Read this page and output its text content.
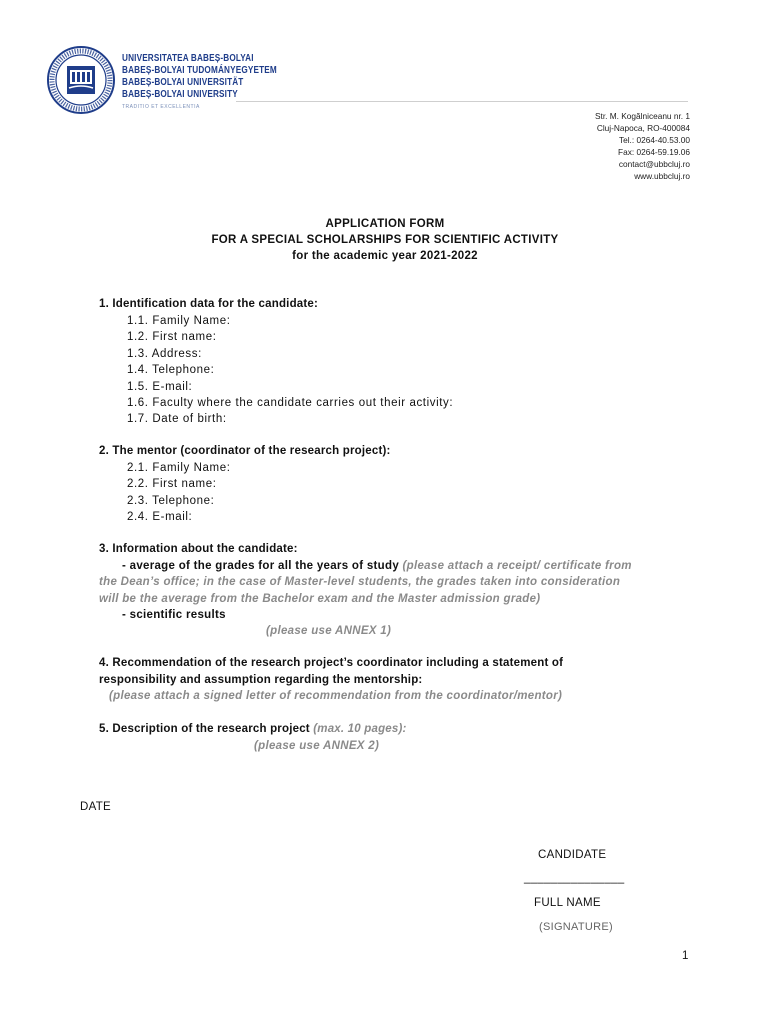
UNIVERSITATEA BABEȘ-BOLYAI
BABEȘ-BOLYAI TUDOMÁNYEGYETEM
BABEȘ-BOLYAI UNIVERSITÄT
BABEȘ-BOLYAI UNIVERSITY
TRADITIO ET EXCELLENTIA
Str. M. Kogălniceanu nr. 1
Cluj-Napoca, RO-400084
Tel.: 0264-40.53.00
Fax: 0264-59.19.06
contact@ubbcluj.ro
www.ubbcluj.ro
APPLICATION FORM
FOR A SPECIAL SCHOLARSHIPS FOR SCIENTIFIC ACTIVITY
for the academic year 2021-2022
1. Identification data for the candidate:
1.1. Family Name:
1.2. First name:
1.3. Address:
1.4. Telephone:
1.5. E-mail:
1.6. Faculty where the candidate carries out their activity:
1.7. Date of birth:
2. The mentor (coordinator of the research project):
2.1. Family Name:
2.2. First name:
2.3. Telephone:
2.4. E-mail:
3. Information about the candidate:
- average of the grades for all the years of study (please attach a receipt/ certificate from
the Dean’s office; in the case of Master-level students, the grades taken into consideration
will be the average from the Bachelor exam and the Master admission grade)
- scientific results
(please use ANNEX 1)
4. Recommendation of the research project’s coordinator including a statement of
responsibility and assumption regarding the mentorship:
(please attach a signed letter of recommendation from the coordinator/mentor)
5. Description of the research project (max. 10 pages):
(please use ANNEX 2)
DATE
CANDIDATE
_______________
FULL NAME
(SIGNATURE)
1
